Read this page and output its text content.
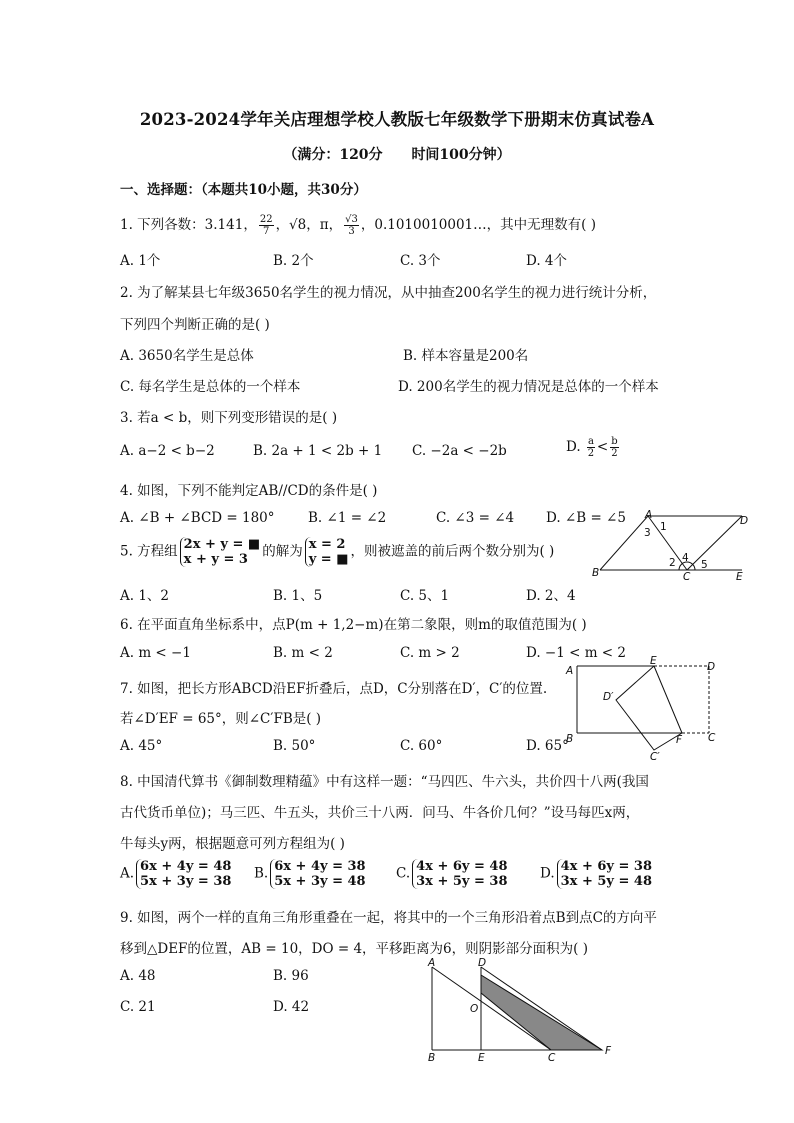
2023-2024学年关店理想学校人教版七年级数学下册期末仿真试卷A
（满分：120分 时间100分钟）
一、选择题：（本题共10小题，共30分）
1. 下列各数：3.141， $\frac{22}{7}$ ，√8，π， $\frac{√3}{3}$ ，0.1010010001…，其中无理数有( )
A. 1个	B. 2个	C. 3个	D. 4个
2. 为了解某县七年级3650名学生的视力情况，从中抽查200名学生的视力进行统计分析，
下列四个判断正确的是( )
A. 3650名学生是总体	B. 样本容量是200名
C. 每名学生是总体的一个样本	D. 200名学生的视力情况是总体的一个样本
3. 若a < b，则下列变形错误的是( )
A. a−2 < b−2	B. 2a + 1 < 2b + 1 C. −2a < −2b	D. $\frac{a}{2} < \frac{b}{2}$
4. 如图，下列不能判定AB//CD的条件是( )
A. ∠B + ∠BCD = 180° B. ∠1 = ∠2	C. ∠3 = ∠4 D. ∠B = ∠5 A	D
B	C	E
1
2
3
4
5
5. 方程组 2x + y = ■
x + y = 3	的解为 x = 2
y = ■ ，则被遮盖的前后两个数分别为( )
A. 1、2	B. 1、5	C. 5、1	D. 2、4
6. 在平面直角坐标系中，点P(m + 1,2−m)在第二象限，则m的取值范围为( )
A. m < −1	B. m < 2	C. m > 2	D. −1 < m < 2
7. 如图，把长方形ABCD沿EF折叠后，点D，C分别落在D′，C′的位置.
若∠D′EF = 65°，则∠C′FB是( )
A. 45°	B. 50°	C. 60°	D. 65°
A
E	D
D′
B	F C
C′
8. 中国清代算书《御制数理精蕴》中有这样一题：“马四匹、牛六头，共价四十八两(我国
古代货币单位)；马三匹、牛五头，共价三十八两．问马、牛各价几何？”设马每匹x两，
牛每头y两，根据题意可列方程组为( )
A. 6x + 4y = 48
5x + 3y = 38 B. 6x + 4y = 38
5x + 3y = 48 C. 4x + 6y = 48
3x + 5y = 38 D. 4x + 6y = 38
3x + 5y = 48
9. 如图，两个一样的直角三角形重叠在一起，将其中的一个三角形沿着点B到点C的方向平
移到△DEF的位置，AB = 10，DO = 4，平移距离为6，则阴影部分面积为( )
A. 48	B. 96
C. 21	D. 42
A	D
O
B	E	C
F
